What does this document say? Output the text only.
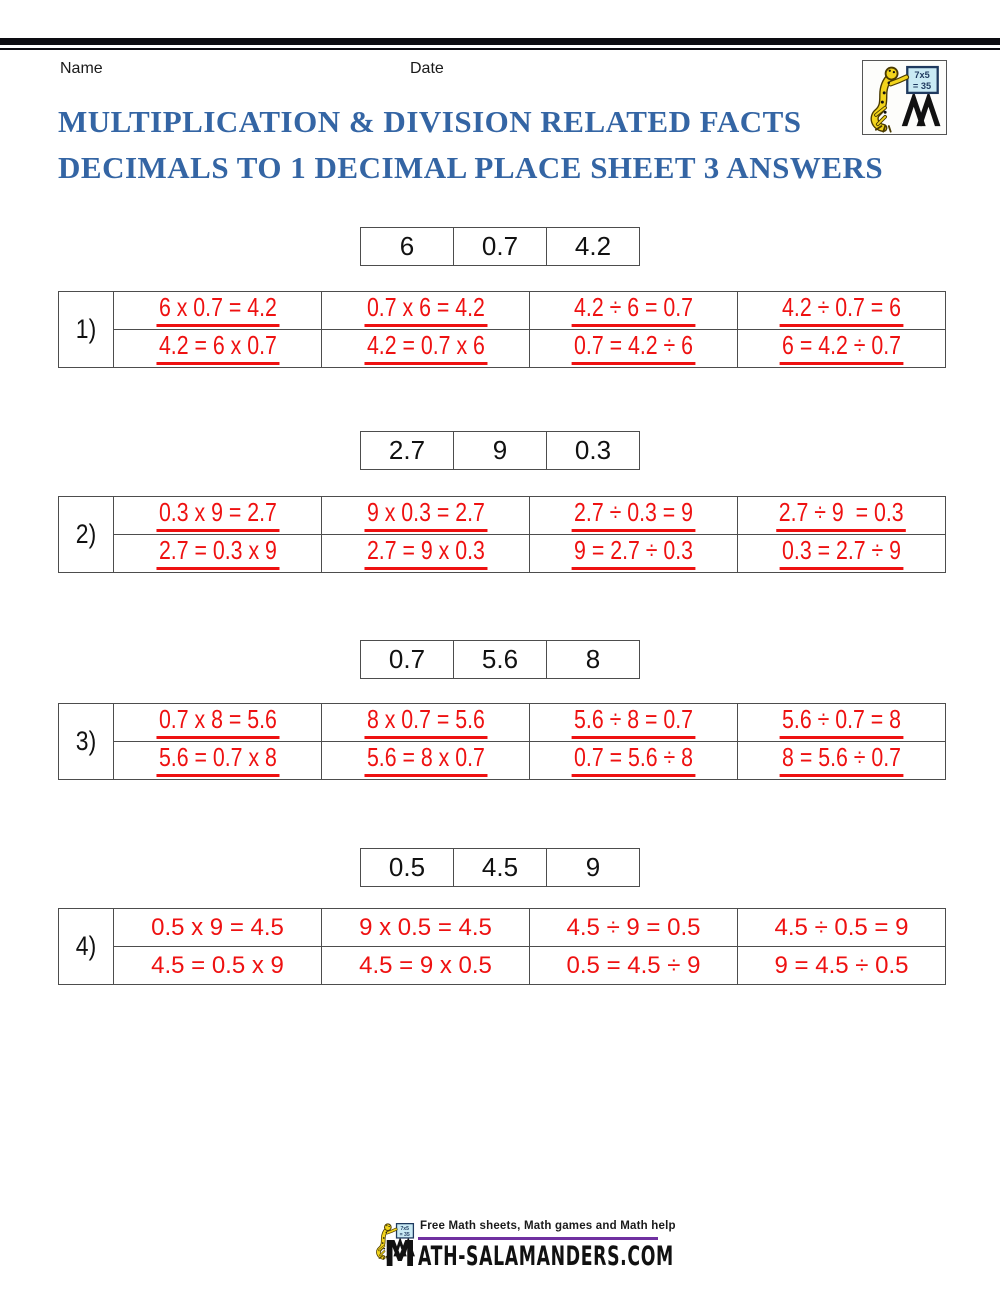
Name	Date	7x5
= 35
MULTIPLICATION & DIVISION RELATED FACTS
DECIMALS TO 1 DECIMAL PLACE SHEET 3 ANSWERS
6	0.7	4.2
1)	6 x 0.7 = 4.2	0.7 x 6 = 4.2	4.2 ÷ 6 = 0.7	4.2 ÷ 0.7 = 6
	4.2 = 6 x 0.7	4.2 = 0.7 x 6	0.7 = 4.2 ÷ 6	6 = 4.2 ÷ 0.7
2.7	9	0.3
2)	0.3 x 9 = 2.7	9 x 0.3 = 2.7	2.7 ÷ 0.3 = 9	2.7 ÷ 9  = 0.3
	2.7 = 0.3 x 9	2.7 = 9 x 0.3	9 = 2.7 ÷ 0.3	0.3 = 2.7 ÷ 9
0.7	5.6	8
3)	0.7 x 8 = 5.6	8 x 0.7 = 5.6	5.6 ÷ 8 = 0.7	5.6 ÷ 0.7 = 8
	5.6 = 0.7 x 8	5.6 = 8 x 0.7	0.7 = 5.6 ÷ 8	8 = 5.6 ÷ 0.7
0.5	4.5	9
4)	0.5 x 9 = 4.5	9 x 0.5 = 4.5	4.5 ÷ 9 = 0.5	4.5 ÷ 0.5 = 9
	4.5 = 0.5 x 9	4.5 = 9 x 0.5	0.5 = 4.5 ÷ 9	9 = 4.5 ÷ 0.5
Free Math sheets, Math games and Math help
MATH-SALAMANDERS.COM
